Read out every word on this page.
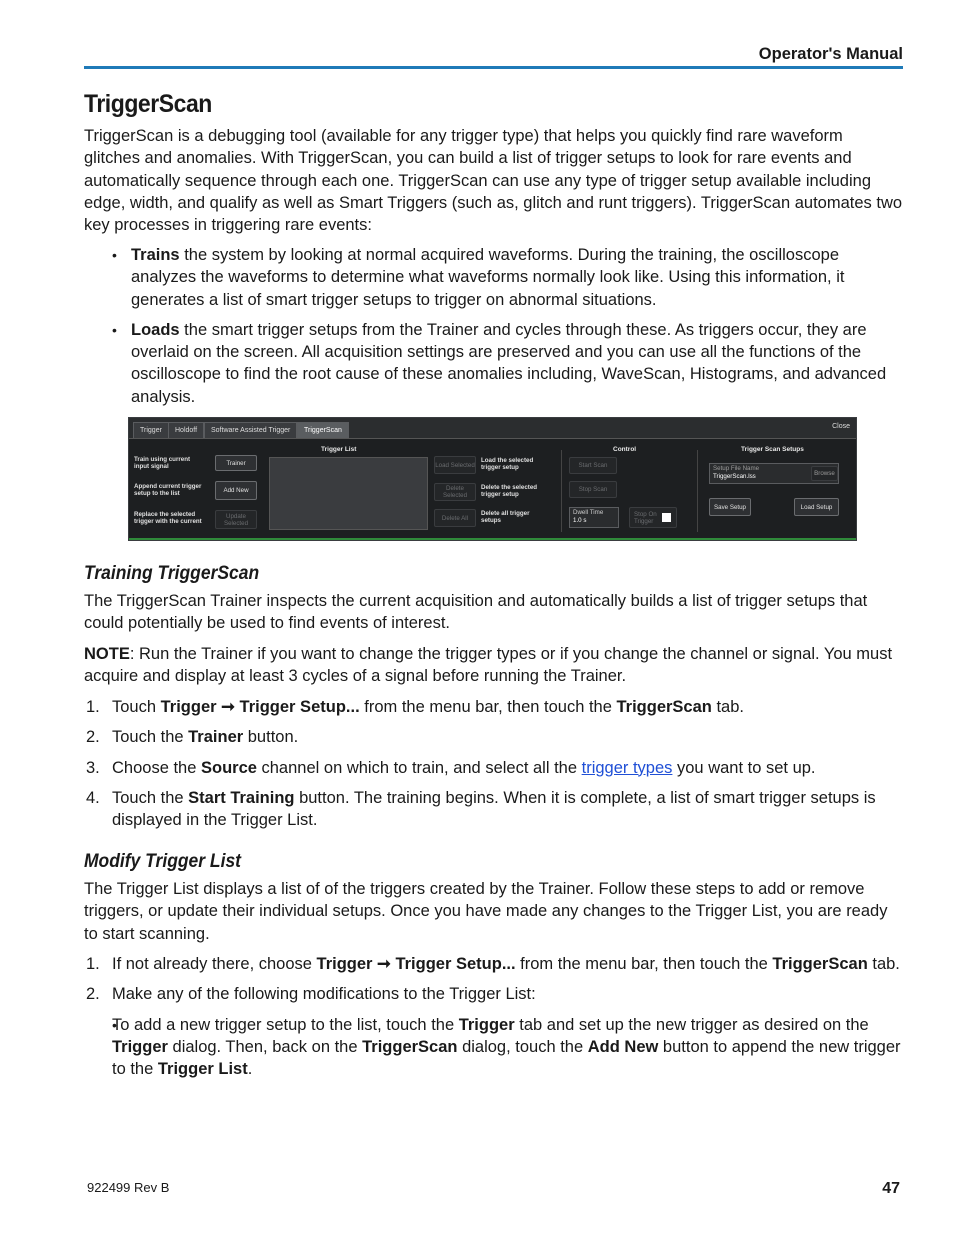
Operator's Manual
TriggerScan

TriggerScan is a debugging tool (available for any trigger type) that helps you quickly find rare waveform glitches and anomalies. With TriggerScan, you can build a list of trigger setups to look for rare events and automatically sequence through each one. TriggerScan can use any type of trigger setup available including edge, width, and qualify as well as Smart Triggers (such as, glitch and runt triggers). TriggerScan automates two key processes in triggering rare events:

• Trains the system by looking at normal acquired waveforms. During the training, the oscilloscope analyzes the waveforms to determine what waveforms normally look like. Using this information, it generates a list of smart trigger setups to trigger on abnormal situations.
• Loads the smart trigger setups from the Trainer and cycles through these. As triggers occur, they are overlaid on the screen. All acquisition settings are preserved and you can use all the functions of the oscilloscope to find the root cause of these anomalies including, WaveScan, Histograms, and advanced analysis.
Trigger	Holdoff	Software Assisted Trigger	TriggerScan
Close
Train using current input signal
Append current trigger setup to the list
Replace the selected trigger with the current
Trainer
Add New
Update Selected
Trigger List
Load Selected
Delete Selected
Delete All
Load the selected trigger setup
Delete the selected trigger setup
Delete all trigger setups
Control
Start Scan
Stop Scan
Dwell Time
1.0 s
Stop On Trigger
Trigger Scan Setups
Setup File Name
TriggerScan.lss	Browse
Save Setup	Load Setup
Training TriggerScan

The TriggerScan Trainer inspects the current acquisition and automatically builds a list of trigger setups that could potentially be used to find events of interest.

NOTE: Run the Trainer if you want to change the trigger types or if you change the channel or signal. You must acquire and display at least 3 cycles of a signal before running the Trainer.

1. Touch Trigger ➞ Trigger Setup... from the menu bar, then touch the TriggerScan tab.
2. Touch the Trainer button.
3. Choose the Source channel on which to train, and select all the trigger types you want to set up.
4. Touch the Start Training button. The training begins. When it is complete, a list of smart trigger setups is displayed in the Trigger List.
Modify Trigger List

The Trigger List displays a list of of the triggers created by the Trainer. Follow these steps to add or remove triggers, or update their individual setups. Once you have made any changes to the Trigger List, you are ready to start scanning.

1. If not already there, choose Trigger ➞ Trigger Setup... from the menu bar, then touch the TriggerScan tab.
2. Make any of the following modifications to the Trigger List:
• To add a new trigger setup to the list, touch the Trigger tab and set up the new trigger as desired on the Trigger dialog. Then, back on the TriggerScan dialog, touch the Add New button to append the new trigger to the Trigger List.
922499 Rev B	47
